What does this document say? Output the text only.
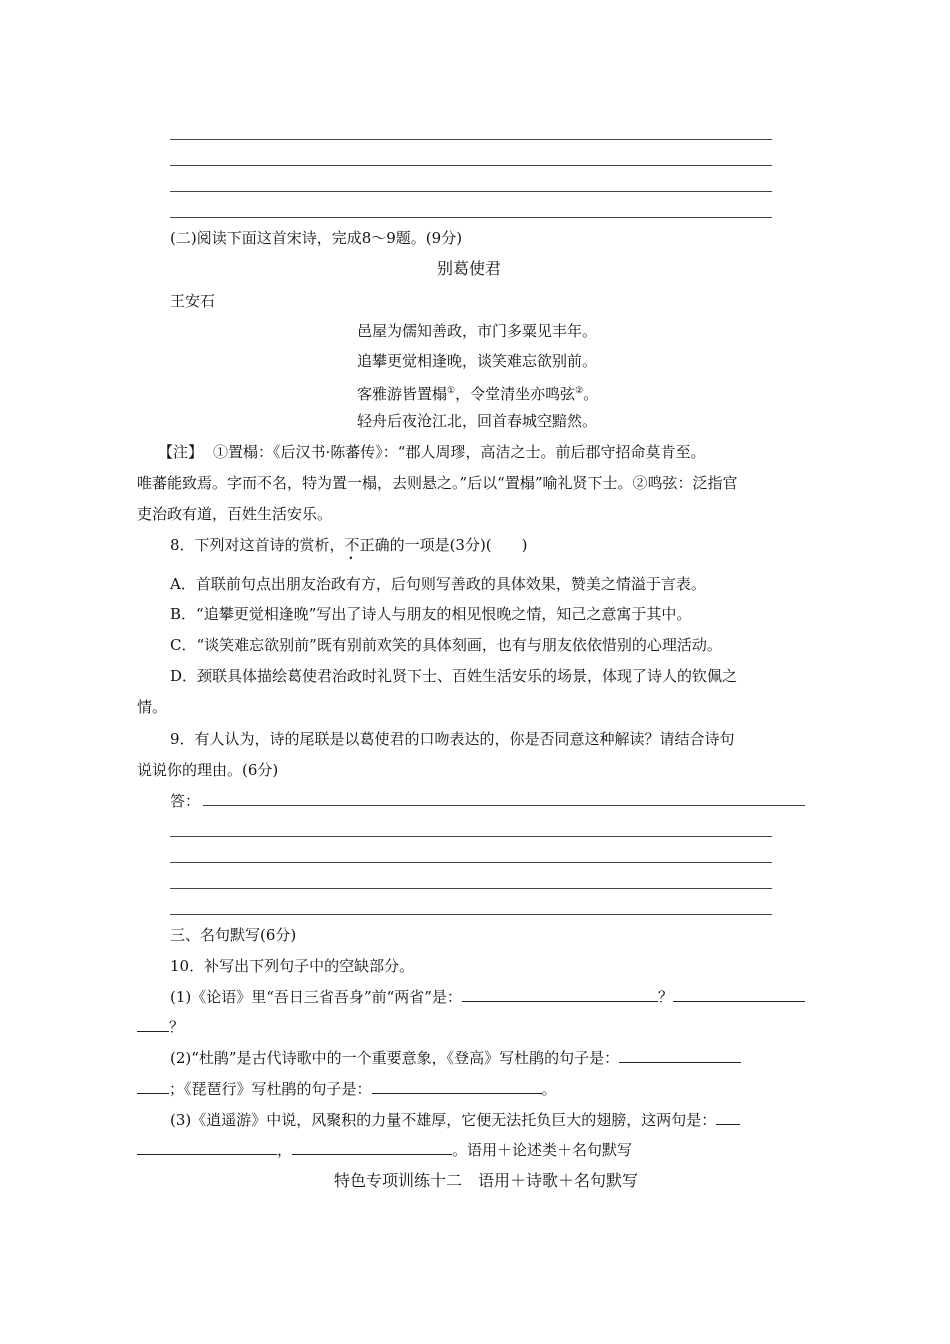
(二)阅读下面这首宋诗，完成8～9题。(9分)
别葛使君
王安石
邑屋为儒知善政，市门多粟见丰年。
追攀更觉相逢晚，谈笑难忘欲别前。
客雅游皆置榻①，令堂清坐亦鸣弦②。
轻舟后夜沧江北，回首春城空黯然。
【注】 ①置榻：《后汉书·陈蕃传》：“郡人周璆，高洁之士。前后郡守招命莫肯至。
唯蕃能致焉。字而不名，特为置一榻，去则悬之。”后以“置榻”喻礼贤下士。②鸣弦：泛指官
吏治政有道，百姓生活安乐。
8．下列对这首诗的赏析，不正确的一项是(3分)(　　)
A．首联前句点出朋友治政有方，后句则写善政的具体效果，赞美之情溢于言表。
B．“追攀更觉相逢晚”写出了诗人与朋友的相见恨晚之情，知己之意寓于其中。
C．“谈笑难忘欲别前”既有别前欢笑的具体刻画，也有与朋友依依惜别的心理活动。
D．颈联具体描绘葛使君治政时礼贤下士、百姓生活安乐的场景，体现了诗人的钦佩之
情。
9．有人认为，诗的尾联是以葛使君的口吻表达的，你是否同意这种解读？请结合诗句
说说你的理由。(6分)
答：
三、名句默写(6分)
10．补写出下列句子中的空缺部分。
(1)《论语》里“吾日三省吾身”前“两省”是：	？
？
(2)“杜鹃”是古代诗歌中的一个重要意象，《登高》写杜鹃的句子是：
；《琵琶行》写杜鹃的句子是：	。
(3)《逍遥游》中说，风聚积的力量不雄厚，它便无法托负巨大的翅膀，这两句是：
，	。语用＋论述类＋名句默写
特色专项训练十二　语用＋诗歌＋名句默写
